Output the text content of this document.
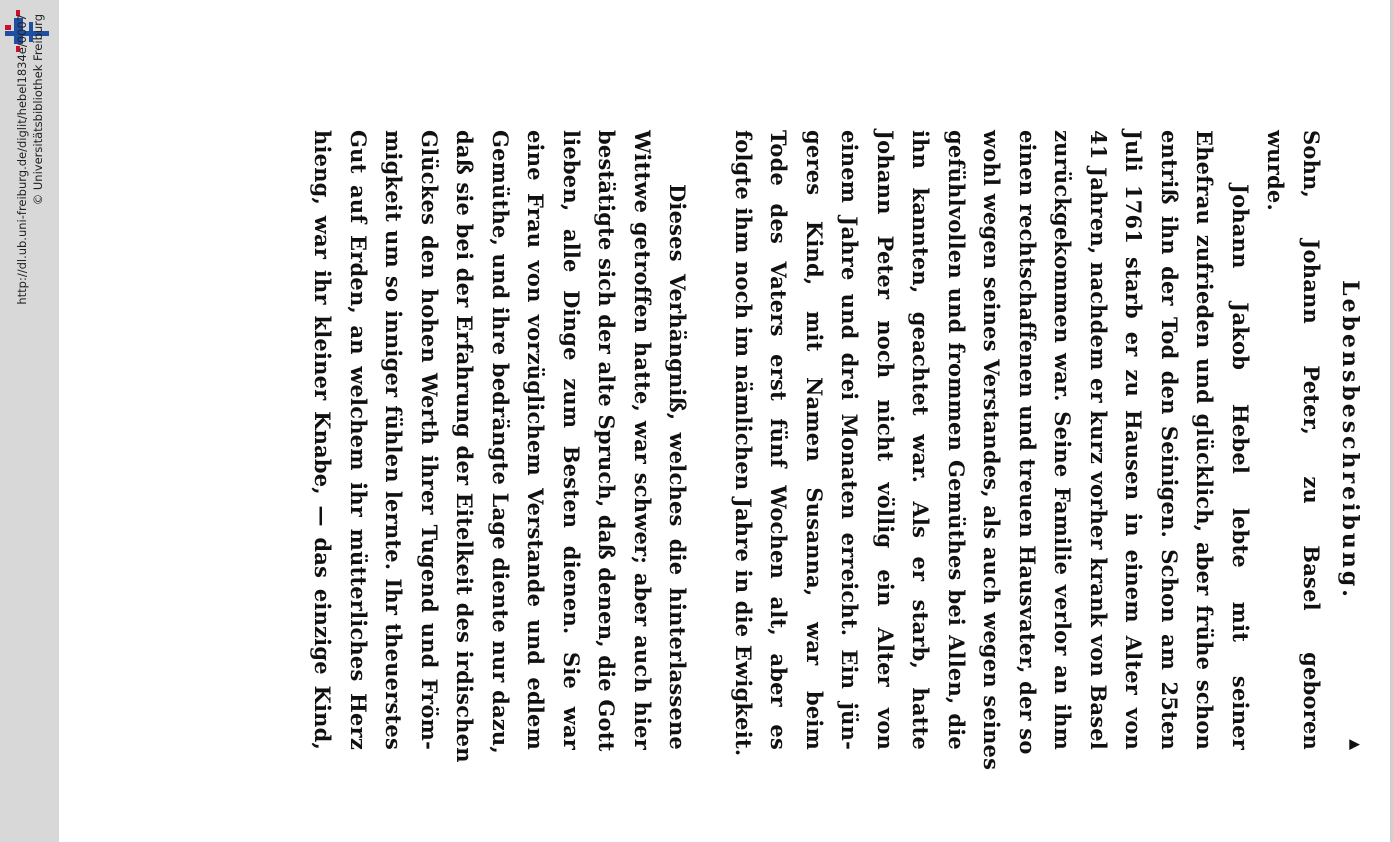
http://dl.ub.uni-freiburg.de/diglit/hebel1834e/0007 © Universitätsbibliothek Freiburg
Lebensbeschreibung.
▲
Sohn, Johann Peter, zu Basel geboren
wurde.
Johann Jakob Hebel lebte mit seiner
Ehefrau zufrieden und glücklich, aber frühe schon
entriß ihn der Tod den Seinigen. Schon am 25ten
Juli 1761 starb er zu Hausen in einem Alter von
41 Jahren, nachdem er kurz vorher krank von Basel
zurückgekommen war. Seine Familie verlor an ihm
einen rechtschaffenen und treuen Hausvater, der so
wohl wegen seines Verstandes, als auch wegen seines
gefühlvollen und frommen Gemüthes bei Allen, die
ihn kannten, geachtet war. Als er starb, hatte
Johann Peter noch nicht völlig ein Alter von
einem Jahre und drei Monaten erreicht. Ein jün-
geres Kind, mit Namen Susanna, war beim
Tode des Vaters erst fünf Wochen alt, aber es
folgte ihm noch im nämlichen Jahre in die Ewigkeit.
Dieses Verhängniß, welches die hinterlassene
Wittwe getroffen hatte, war schwer; aber auch hier
bestätigte sich der alte Spruch, daß denen, die Gott
lieben, alle Dinge zum Besten dienen. Sie war
eine Frau von vorzüglichem Verstande und edlem
Gemüthe, und ihre bedrängte Lage diente nur dazu,
daß sie bei der Erfahrung der Eitelkeit des irdischen
Glückes den hohen Werth ihrer Tugend und Fröm-
migkeit um so inniger fühlen lernte. Ihr theuerstes
Gut auf Erden, an welchem ihr mütterliches Herz
hieng, war ihr kleiner Knabe, — das einzige Kind,
